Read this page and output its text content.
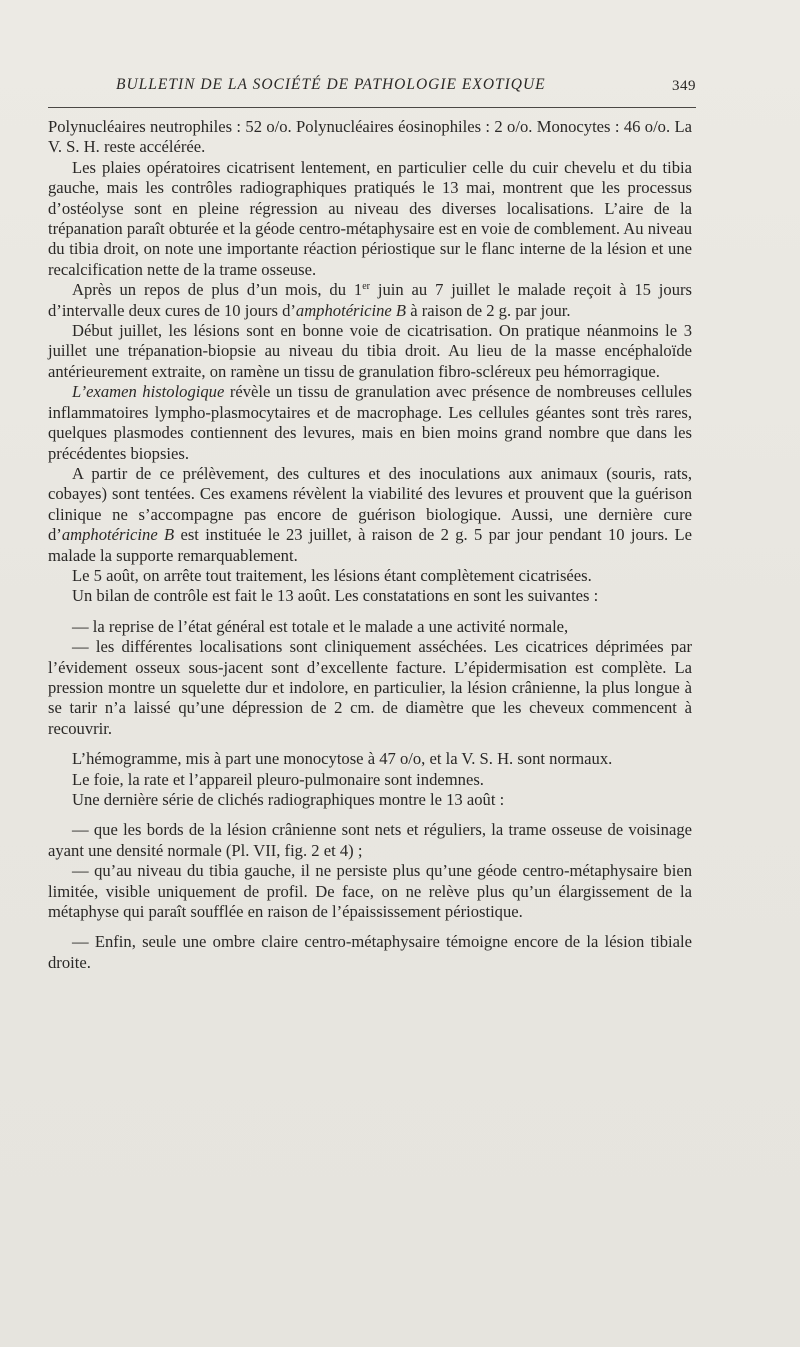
BULLETIN DE LA SOCIÉTÉ DE PATHOLOGIE EXOTIQUE	349

Polynucléaires neutrophiles : 52 o/o. Polynucléaires éosinophiles : 2 o/o. Monocytes : 46 o/o. La V. S. H. reste accélérée.

Les plaies opératoires cicatrisent lentement, en particulier celle du cuir chevelu et du tibia gauche, mais les contrôles radiographiques pratiqués le 13 mai, montrent que les processus d’ostéolyse sont en pleine régression au niveau des diverses localisations. L’aire de la trépanation paraît obturée et la géode centro-métaphysaire est en voie de comblement. Au niveau du tibia droit, on note une importante réaction périostique sur le flanc interne de la lésion et une recalcification nette de la trame osseuse.

Après un repos de plus d’un mois, du 1er juin au 7 juillet le malade reçoit à 15 jours d’intervalle deux cures de 10 jours d’amphotéricine B à raison de 2 g. par jour.

Début juillet, les lésions sont en bonne voie de cicatrisation. On pratique néanmoins le 3 juillet une trépanation-biopsie au niveau du tibia droit. Au lieu de la masse encéphaloïde antérieurement extraite, on ramène un tissu de granulation fibro-scléreux peu hémorragique.

L’examen histologique révèle un tissu de granulation avec présence de nombreuses cellules inflammatoires lympho-plasmocytaires et de macrophage. Les cellules géantes sont très rares, quelques plasmodes contiennent des levures, mais en bien moins grand nombre que dans les précédentes biopsies.

A partir de ce prélèvement, des cultures et des inoculations aux animaux (souris, rats, cobayes) sont tentées. Ces examens révèlent la viabilité des levures et prouvent que la guérison clinique ne s’accompagne pas encore de guérison biologique. Aussi, une dernière cure d’amphotéricine B est instituée le 23 juillet, à raison de 2 g. 5 par jour pendant 10 jours. Le malade la supporte remarquablement.

Le 5 août, on arrête tout traitement, les lésions étant complètement cicatrisées.

Un bilan de contrôle est fait le 13 août. Les constatations en sont les suivantes :

— la reprise de l’état général est totale et le malade a une activité normale,

— les différentes localisations sont cliniquement asséchées. Les cicatrices déprimées par l’évidement osseux sous-jacent sont d’excellente facture. L’épidermisation est complète. La pression montre un squelette dur et indolore, en particulier, la lésion crânienne, la plus longue à se tarir n’a laissé qu’une dépression de 2 cm. de diamètre que les cheveux commencent à recouvrir.

L’hémogramme, mis à part une monocytose à 47 o/o, et la V. S. H. sont normaux.

Le foie, la rate et l’appareil pleuro-pulmonaire sont indemnes.

Une dernière série de clichés radiographiques montre le 13 août :

— que les bords de la lésion crânienne sont nets et réguliers, la trame osseuse de voisinage ayant une densité normale (Pl. VII, fig. 2 et 4) ;

— qu’au niveau du tibia gauche, il ne persiste plus qu’une géode centro-métaphysaire bien limitée, visible uniquement de profil. De face, on ne relève plus qu’un élargissement de la métaphyse qui paraît soufflée en raison de l’épaississement périostique.

— Enfin, seule une ombre claire centro-métaphysaire témoigne encore de la lésion tibiale droite.
